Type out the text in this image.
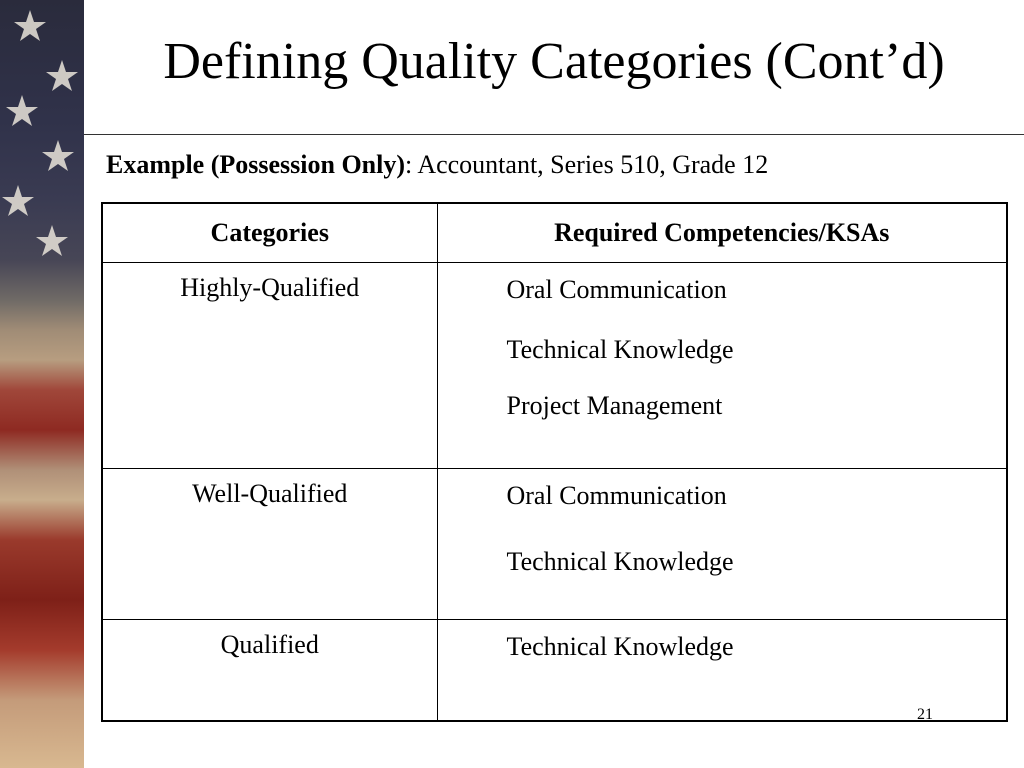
Defining Quality Categories (Cont’d)
Example (Possession Only): Accountant, Series 510, Grade 12
Categories	Required Competencies/KSAs
Highly-Qualified	Oral Communication
Technical Knowledge
Project Management

Well-Qualified	Oral Communication
Technical Knowledge

Qualified	Technical Knowledge
21
